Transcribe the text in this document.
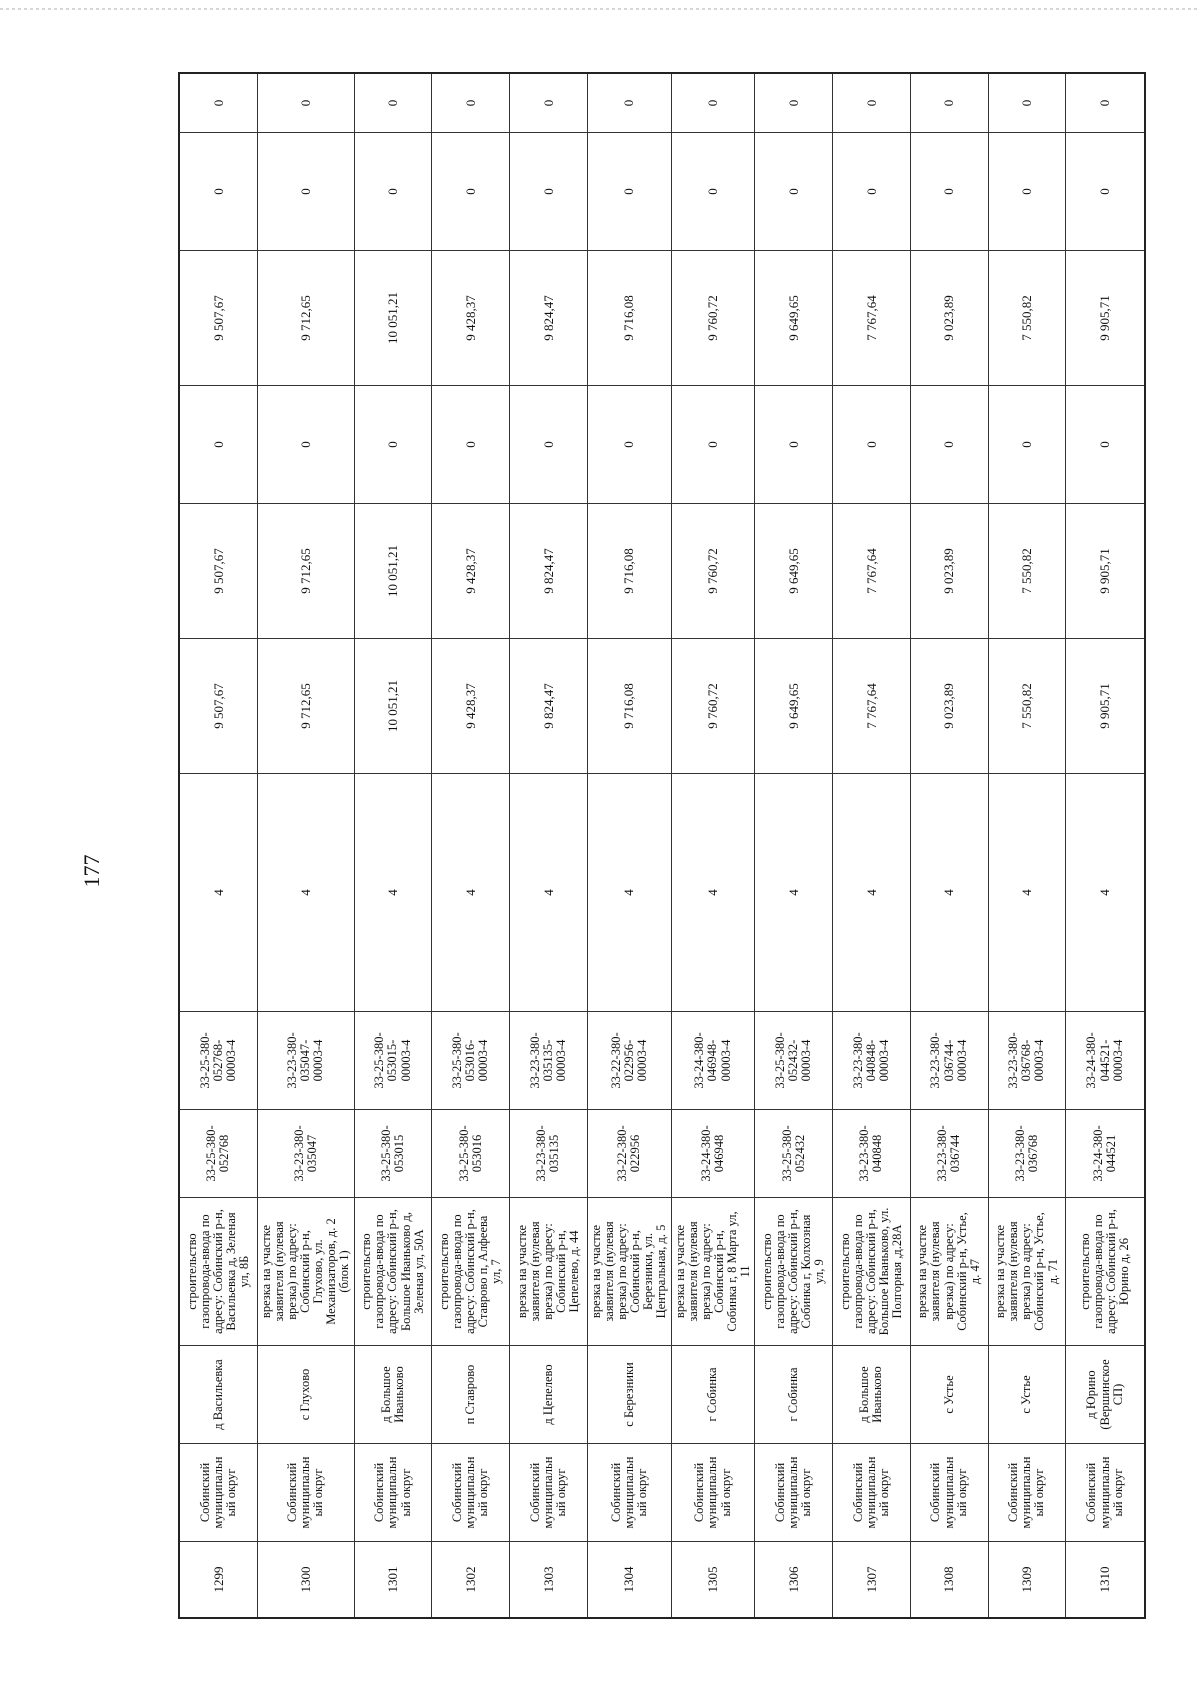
177
1299
Собинский
муниципальн
ый округ
д Васильевка
строительство
газопровода-ввода по
адресу: Собинский р-н,
Васильевка д, Зеленая
ул, 8Б
33-25-380-
052768
33-25-380-
052768-
00003-4
4
9 507,67
9 507,67
0
9 507,67
0
0
1300
Собинский
муниципальн
ый округ
с Глухово
врезка на участке
заявителя (нулевая
врезка) по адресу:
Собинский р-н,
Глухово, ул.
Механизаторов, д. 2
(блок 1)
33-23-380-
035047
33-23-380-
035047-
00003-4
4
9 712,65
9 712,65
0
9 712,65
0
0
1301
Собинский
муниципальн
ый округ
д Большое
Иваньково
строительство
газопровода-ввода по
адресу: Собинский р-н,
Большое Иваньково д,
Зеленая ул, 50А
33-25-380-
053015
33-25-380-
053015-
00003-4
4
10 051,21
10 051,21
0
10 051,21
0
0
1302
Собинский
муниципальн
ый округ
п Ставрово
строительство
газопровода-ввода по
адресу: Собинский р-н,
Ставрово п, Алфеева
ул, 7
33-25-380-
053016
33-25-380-
053016-
00003-4
4
9 428,37
9 428,37
0
9 428,37
0
0
1303
Собинский
муниципальн
ый округ
д Цепелево
врезка на участке
заявителя (нулевая
врезка) по адресу:
Собинский р-н,
Цепелево, д. 44
33-23-380-
035135
33-23-380-
035135-
00003-4
4
9 824,47
9 824,47
0
9 824,47
0
0
1304
Собинский
муниципальн
ый округ
с Березники
врезка на участке
заявителя (нулевая
врезка) по адресу:
Собинский р-н,
Березники, ул.
Центральная, д. 5
33-22-380-
022956
33-22-380-
022956-
00003-4
4
9 716,08
9 716,08
0
9 716,08
0
0
1305
Собинский
муниципальн
ый округ
г Собинка
врезка на участке
заявителя (нулевая
врезка) по адресу:
Собинский р-н,
Собинка г, 8 Марта ул,
11
33-24-380-
046948
33-24-380-
046948-
00003-4
4
9 760,72
9 760,72
0
9 760,72
0
0
1306
Собинский
муниципальн
ый округ
г Собинка
строительство
газопровода-ввода по
адресу: Собинский р-н,
Собинка г, Колхозная
ул, 9
33-25-380-
052432
33-25-380-
052432-
00003-4
4
9 649,65
9 649,65
0
9 649,65
0
0
1307
Собинский
муниципальн
ый округ
д Большое
Иваньково
строительство
газопровода-ввода по
адресу: Собинский р-н,
Большое Иваньково, ул.
Полгорная ,д.28А
33-23-380-
040848
33-23-380-
040848-
00003-4
4
7 767,64
7 767,64
0
7 767,64
0
0
1308
Собинский
муниципальн
ый округ
с Устье
врезка на участке
заявителя (нулевая
врезка) по адресу:
Собинский р-н, Устье,
д. 47
33-23-380-
036744
33-23-380-
036744-
00003-4
4
9 023,89
9 023,89
0
9 023,89
0
0
1309
Собинский
муниципальн
ый округ
с Устье
врезка на участке
заявителя (нулевая
врезка) по адресу:
Собинский р-н, Устье,
д. 71
33-23-380-
036768
33-23-380-
036768-
00003-4
4
7 550,82
7 550,82
0
7 550,82
0
0
1310
Собинский
муниципальн
ый округ
д Юрино
(Вершинское
СП)
строительство
газопровода-ввода по
адресу: Собинский р-н,
Юрино д, 26
33-24-380-
044521
33-24-380-
044521-
00003-4
4
9 905,71
9 905,71
0
9 905,71
0
0
